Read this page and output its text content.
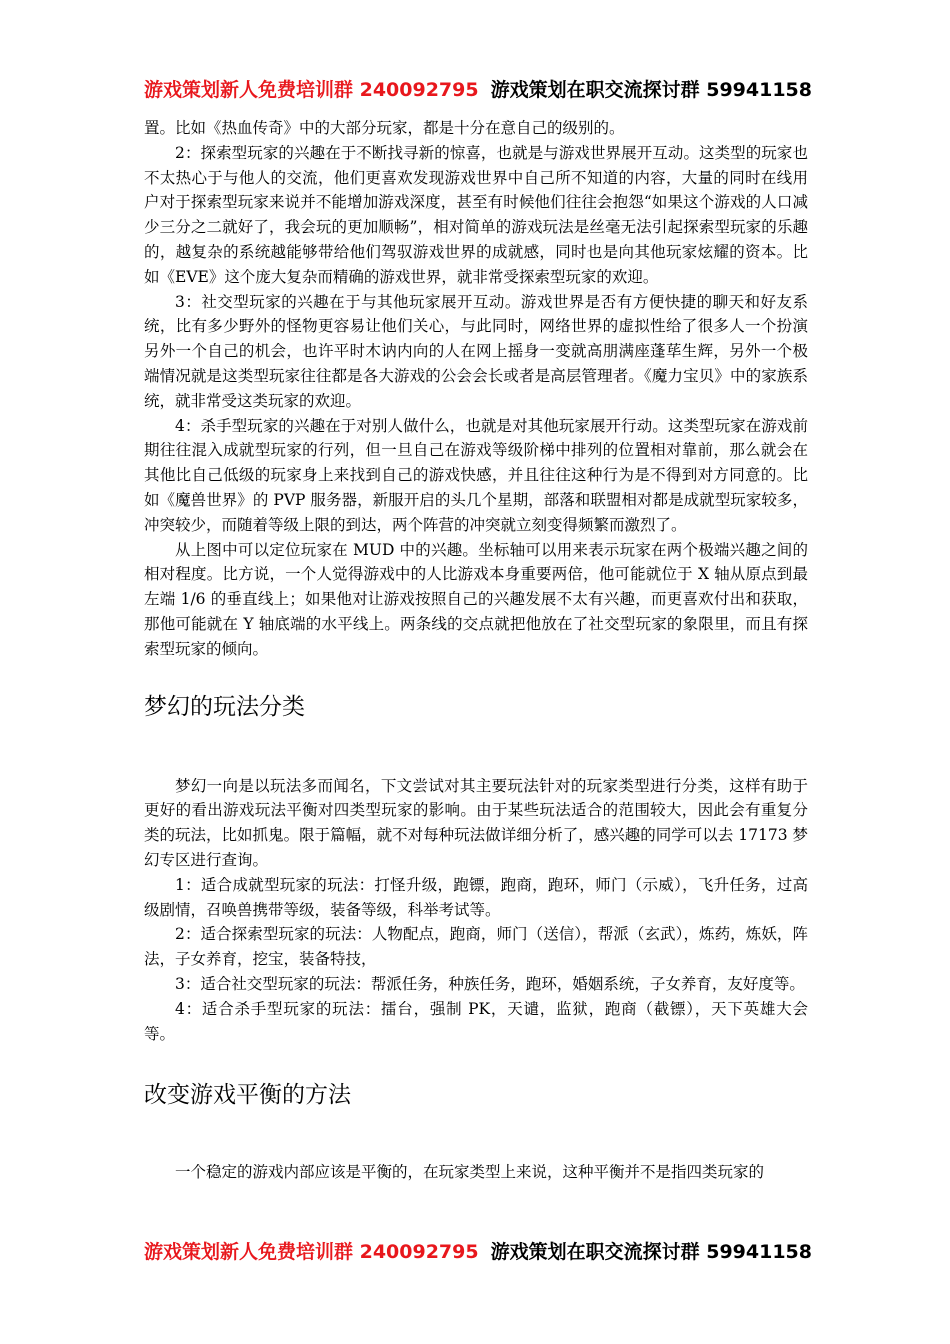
游戏策划新人免费培训群 240092795 游戏策划在职交流探讨群 59941158

置。比如《热血传奇》中的大部分玩家，都是十分在意自己的级别的。

2：探索型玩家的兴趣在于不断找寻新的惊喜，也就是与游戏世界展开互动。这类型的玩家也不太热心于与他人的交流，他们更喜欢发现游戏世界中自己所不知道的内容，大量的同时在线用户对于探索型玩家来说并不能增加游戏深度，甚至有时候他们往往会抱怨“如果这个游戏的人口减少三分之二就好了，我会玩的更加顺畅”，相对简单的游戏玩法是丝毫无法引起探索型玩家的乐趣的，越复杂的系统越能够带给他们驾驭游戏世界的成就感，同时也是向其他玩家炫耀的资本。比如《EVE》这个庞大复杂而精确的游戏世界，就非常受探索型玩家的欢迎。

3：社交型玩家的兴趣在于与其他玩家展开互动。游戏世界是否有方便快捷的聊天和好友系统，比有多少野外的怪物更容易让他们关心，与此同时，网络世界的虚拟性给了很多人一个扮演另外一个自己的机会，也许平时木讷内向的人在网上摇身一变就高朋满座蓬荜生辉，另外一个极端情况就是这类型玩家往往都是各大游戏的公会会长或者是高层管理者。《魔力宝贝》中的家族系统，就非常受这类玩家的欢迎。

4：杀手型玩家的兴趣在于对别人做什么，也就是对其他玩家展开行动。这类型玩家在游戏前期往往混入成就型玩家的行列，但一旦自己在游戏等级阶梯中排列的位置相对靠前，那么就会在其他比自己低级的玩家身上来找到自己的游戏快感，并且往往这种行为是不得到对方同意的。比如《魔兽世界》的 PVP 服务器，新服开启的头几个星期，部落和联盟相对都是成就型玩家较多，冲突较少，而随着等级上限的到达，两个阵营的冲突就立刻变得频繁而激烈了。

从上图中可以定位玩家在 MUD 中的兴趣。坐标轴可以用来表示玩家在两个极端兴趣之间的相对程度。比方说，一个人觉得游戏中的人比游戏本身重要两倍，他可能就位于 X 轴从原点到最左端 1/6 的垂直线上；如果他对让游戏按照自己的兴趣发展不太有兴趣，而更喜欢付出和获取，那他可能就在 Y 轴底端的水平线上。两条线的交点就把他放在了社交型玩家的象限里，而且有探索型玩家的倾向。

梦幻的玩法分类

梦幻一向是以玩法多而闻名，下文尝试对其主要玩法针对的玩家类型进行分类，这样有助于更好的看出游戏玩法平衡对四类型玩家的影响。由于某些玩法适合的范围较大，因此会有重复分类的玩法，比如抓鬼。限于篇幅，就不对每种玩法做详细分析了，感兴趣的同学可以去 17173 梦幻专区进行查询。

1：适合成就型玩家的玩法：打怪升级，跑镖，跑商，跑环，师门（示威），飞升任务，过高级剧情，召唤兽携带等级，装备等级，科举考试等。

2：适合探索型玩家的玩法：人物配点，跑商，师门（送信），帮派（玄武），炼药，炼妖，阵法，子女养育，挖宝，装备特技，

3：适合社交型玩家的玩法：帮派任务，种族任务，跑环，婚姻系统，子女养育，友好度等。

4：适合杀手型玩家的玩法：擂台，强制 PK，天谴，监狱，跑商（截镖），天下英雄大会等。

改变游戏平衡的方法

一个稳定的游戏内部应该是平衡的，在玩家类型上来说，这种平衡并不是指四类玩家的

游戏策划新人免费培训群 240092795 游戏策划在职交流探讨群 59941158
